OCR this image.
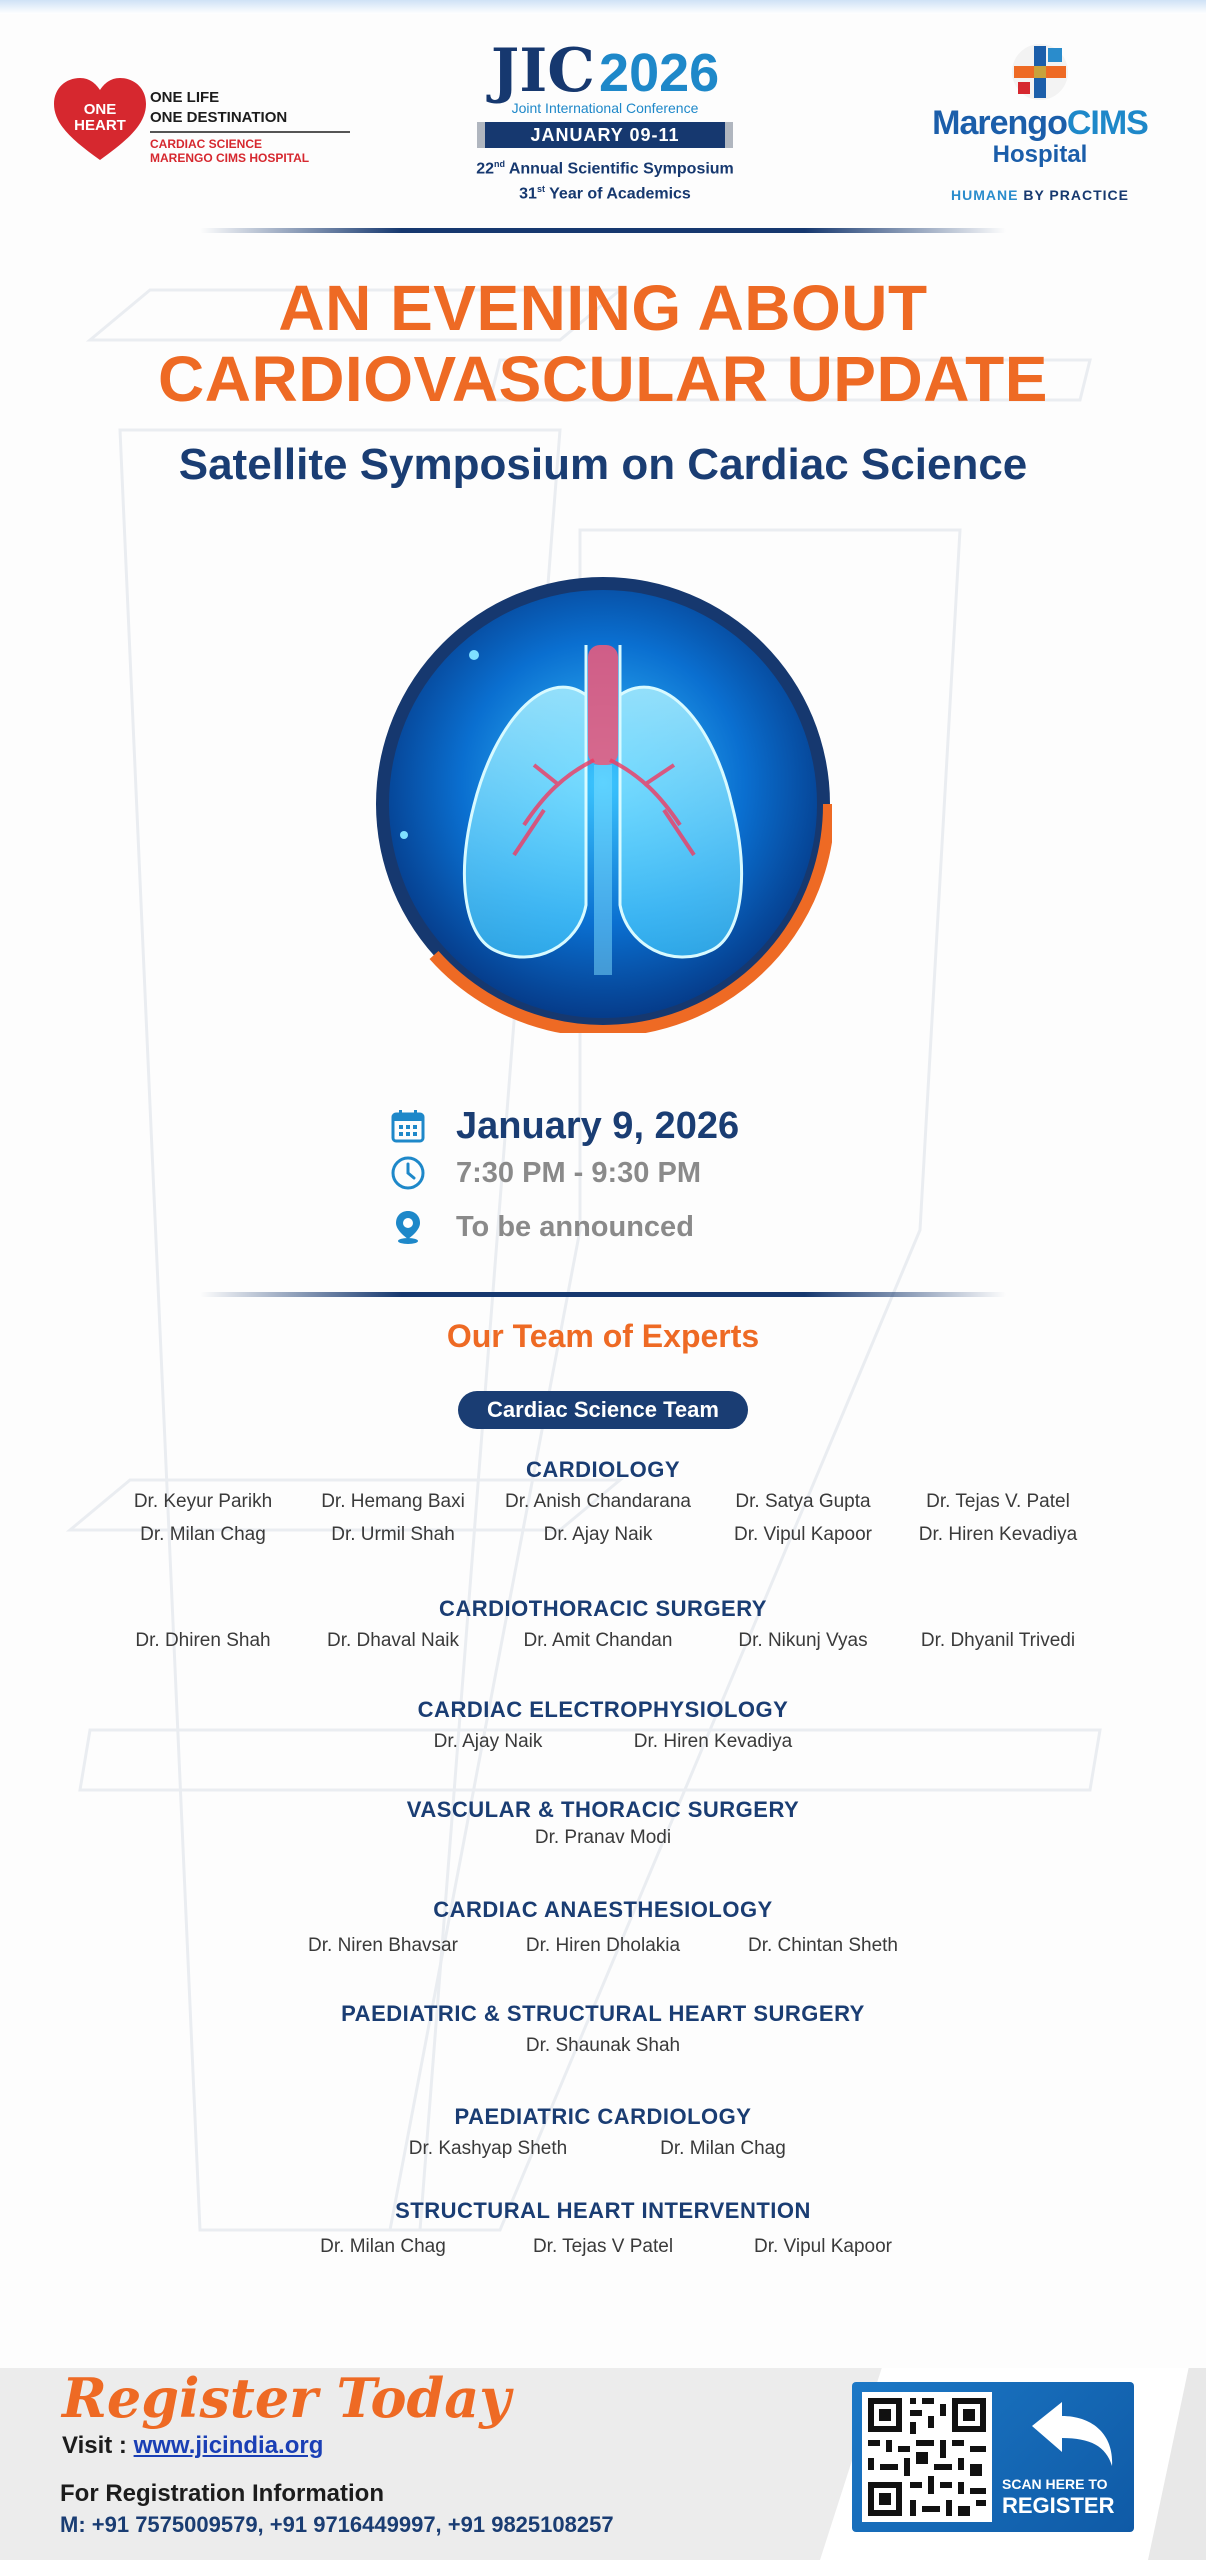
ONE
HEART
ONE LIFE
ONE DESTINATION
CARDIAC SCIENCE
MARENGO CIMS HOSPITAL
JIC2026
Joint International Conference
JANUARY 09-11
22nd Annual Scientific Symposium
31st Year of Academics
MarengoCIMS
Hospital
HUMANE BY PRACTICE
AN EVENING ABOUT
CARDIOVASCULAR UPDATE
Satellite Symposium on Cardiac Science
January 9, 2026
7:30 PM - 9:30 PM
To be announced
Our Team of Experts
Cardiac Science Team
CARDIOLOGY
Dr. Keyur Parikh	Dr. Hemang Baxi	Dr. Anish Chandarana	Dr. Satya Gupta	Dr. Tejas V. Patel
Dr. Milan Chag	Dr. Urmil Shah	Dr. Ajay Naik	Dr. Vipul Kapoor	Dr. Hiren Kevadiya
CARDIOTHORACIC SURGERY
Dr. Dhiren Shah	Dr. Dhaval Naik	Dr. Amit Chandan	Dr. Nikunj Vyas	Dr. Dhyanil Trivedi
CARDIAC ELECTROPHYSIOLOGY
Dr. Ajay Naik	Dr. Hiren Kevadiya
VASCULAR & THORACIC SURGERY
Dr. Pranav Modi
CARDIAC ANAESTHESIOLOGY
Dr. Niren Bhavsar	Dr. Hiren Dholakia	Dr. Chintan Sheth
PAEDIATRIC & STRUCTURAL HEART SURGERY
Dr. Shaunak Shah
PAEDIATRIC CARDIOLOGY
Dr. Kashyap Sheth	Dr. Milan Chag
STRUCTURAL HEART INTERVENTION
Dr. Milan Chag	Dr. Tejas V Patel	Dr. Vipul Kapoor
Register Today
Visit : www.jicindia.org
For Registration Information
M: +91 7575009579, +91 9716449997, +91 9825108257
SCAN HERE TO
REGISTER
